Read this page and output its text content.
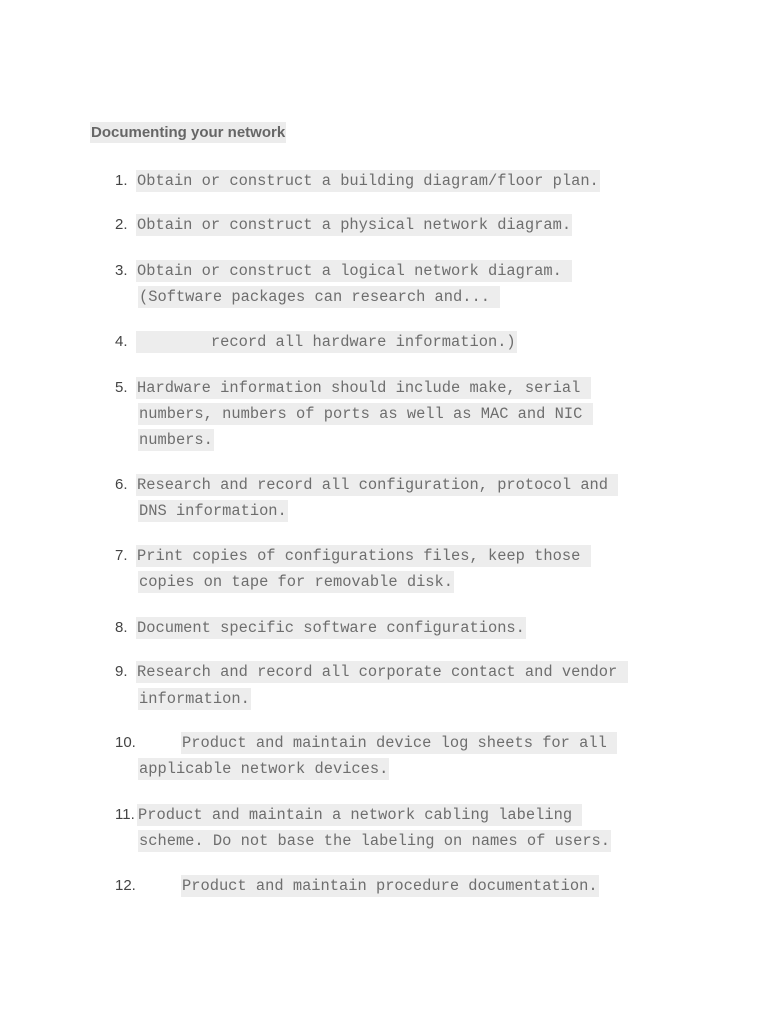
Documenting your network
1. Obtain or construct a building diagram/floor plan.
2. Obtain or construct a physical network diagram.
3. Obtain or construct a logical network diagram.
(Software packages can research and...
4. record all hardware information.)
5. Hardware information should include make, serial
numbers, numbers of ports as well as MAC and NIC
numbers.
6. Research and record all configuration, protocol and
DNS information.
7. Print copies of configurations files, keep those
copies on tape for removable disk.
8. Document specific software configurations.
9. Research and record all corporate contact and vendor
information.
10.	Product and maintain device log sheets for all
applicable network devices.
11. Product and maintain a network cabling labeling
scheme. Do not base the labeling on names of users.
12.	Product and maintain procedure documentation.
